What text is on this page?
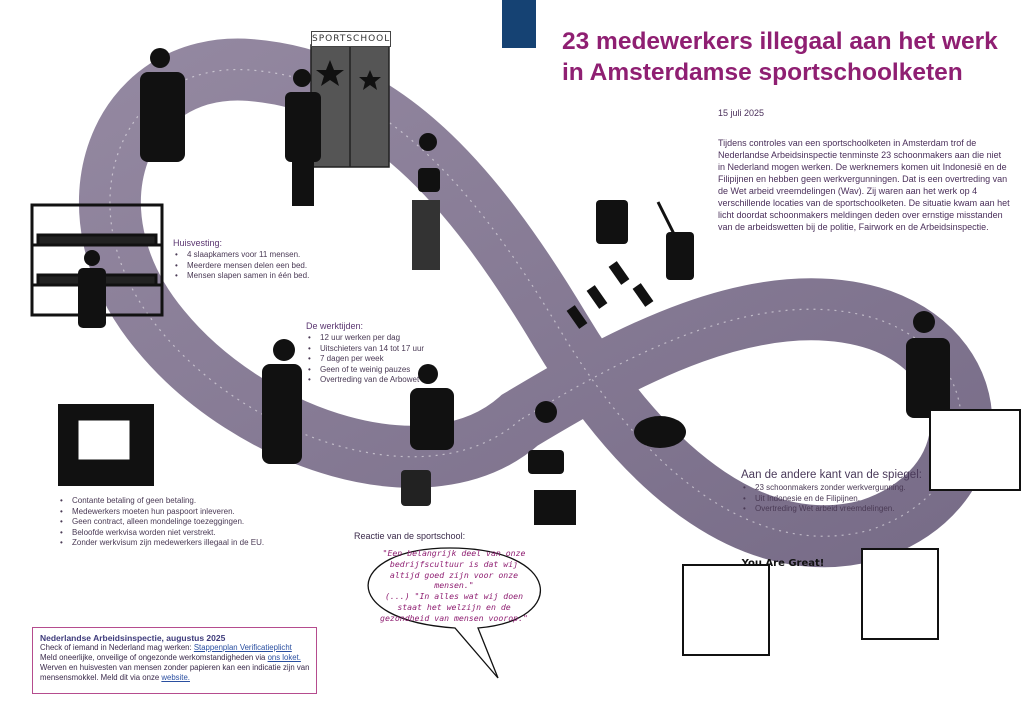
SPORTSCHOOL
You Are Great!
23 medewerkers illegaal aan het werk
in Amsterdamse sportschoolketen
15 juli 2025
Tijdens controles van een sportschoolketen in Amsterdam trof de Nederlandse Arbeidsinspectie tenminste 23 schoonmakers aan die niet in Nederland mogen werken. De werknemers komen uit Indonesië en de Filipijnen en hebben geen werkvergunningen. Dat is een overtreding van de Wet arbeid vreemdelingen (Wav). Zij waren aan het werk op 4 verschillende locaties van de sportschoolketen. De situatie kwam aan het licht doordat schoonmakers meldingen deden over ernstige misstanden van de arbeidswetten bij de politie, Fairwork en de Arbeidsinspectie.
Huisvesting:
• 4 slaapkamers voor 11 mensen.
• Meerdere mensen delen een bed.
• Mensen slapen samen in één bed.
De werktijden:
• 12 uur werken per dag
• Uitschieters van 14 tot 17 uur
• 7 dagen per week
• Geen of te weinig pauzes
• Overtreding van de Arbowet
• Contante betaling of geen betaling.
• Medewerkers moeten hun paspoort inleveren.
• Geen contract, alleen mondelinge toezeggingen.
• Beloofde werkvisa worden niet verstrekt.
• Zonder werkvisum zijn medewerkers illegaal in de EU.
Aan de andere kant van de spiegel:
• 23 schoonmakers zonder werkvergunning.
• Uit Indonesie en de Filipijnen.
• Overtreding Wet arbeid vreemdelingen.
Reactie van de sportschool:
"Een belangrijk deel van onze bedrijfscultuur is dat wij altijd goed zijn voor onze mensen."
(...) "In alles wat wij doen staat het welzijn en de gezondheid van mensen voorop."
Nederlandse Arbeidsinspectie, augustus 2025

Check of iemand in Nederland mag werken: Stappenplan Verificatieplicht

Meld oneerlijke, onveilige of ongezonde werkomstandigheden via ons loket.

Werven en huisvesten van mensen zonder papieren kan een indicatie zijn van mensensmokkel. Meld dit via onze website.
